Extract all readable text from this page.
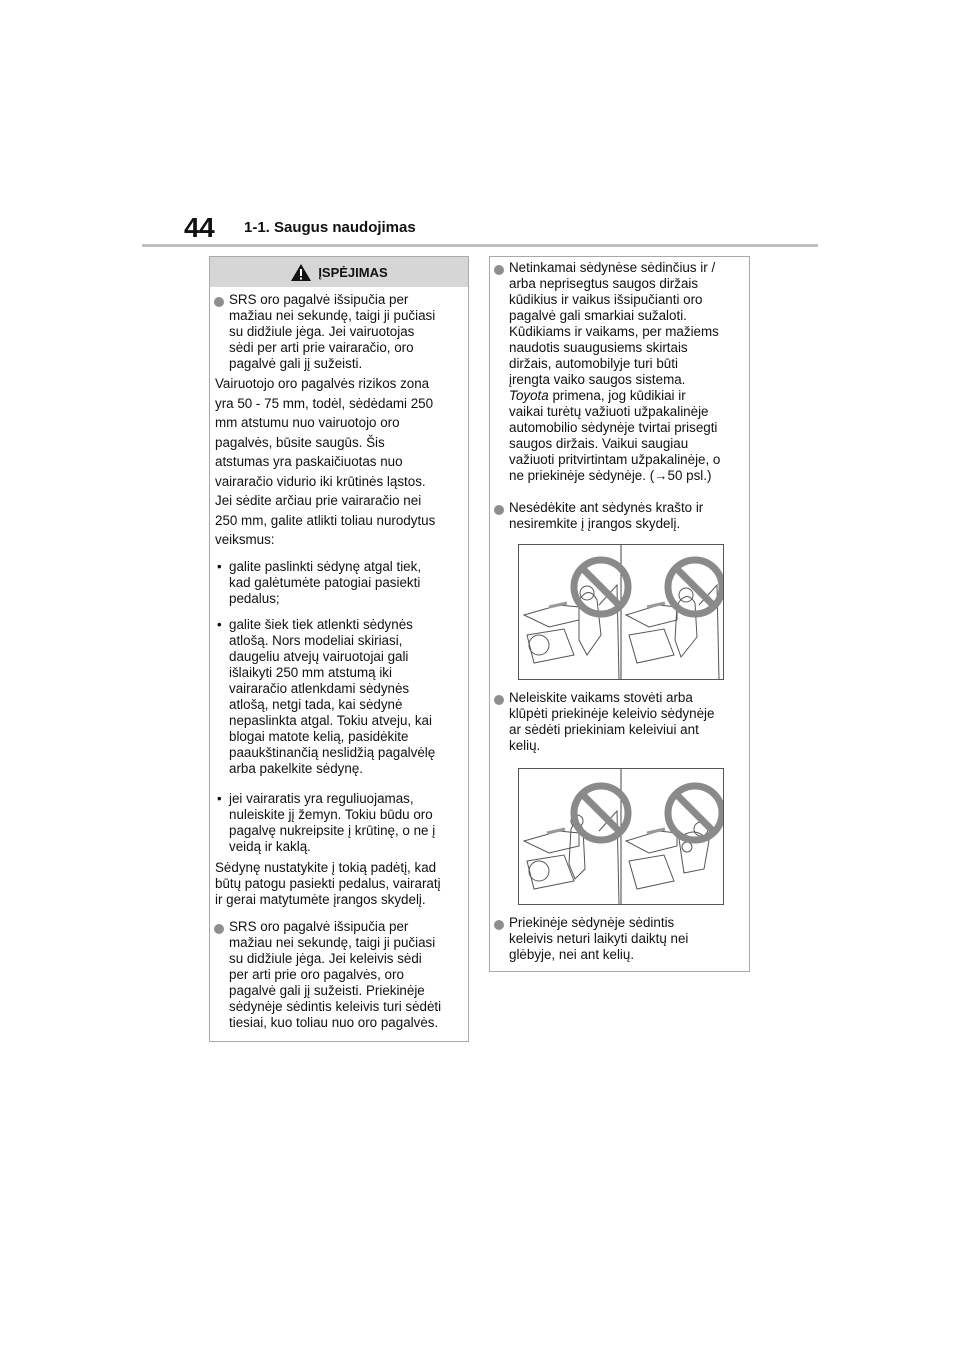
44 1-1. Saugus naudojimas
ĮSPĖJIMAS
SRS oro pagalvė išsipučia per
mažiau nei sekundę, taigi ji pučiasi
su didžiule jėga. Jei vairuotojas
sėdi per arti prie vairaračio, oro
pagalvė gali jį sužeisti.
Vairuotojo oro pagalvės rizikos zona
yra 50 - 75 mm, todėl, sėdėdami 250
mm atstumu nuo vairuotojo oro
pagalvės, būsite saugūs. Šis
atstumas yra paskaičiuotas nuo
vairaračio vidurio iki krūtinės ląstos.
Jei sėdite arčiau prie vairaračio nei
250 mm, galite atlikti toliau nurodytus
veiksmus:
• galite paslinkti sėdynę atgal tiek,
kad galėtumėte patogiai pasiekti
pedalus;
• galite šiek tiek atlenkti sėdynės
atlošą. Nors modeliai skiriasi,
daugeliu atvejų vairuotojai gali
išlaikyti 250 mm atstumą iki
vairaračio atlenkdami sėdynės
atlošą, netgi tada, kai sėdynė
nepaslinkta atgal. Tokiu atveju, kai
blogai matote kelią, pasidėkite
paaukštinančią neslidžią pagalvėlę
arba pakelkite sėdynę.
• jei vairaratis yra reguliuojamas,
nuleiskite jį žemyn. Tokiu būdu oro
pagalvę nukreipsite į krūtinę, o ne į
veidą ir kaklą.
Sėdynę nustatykite į tokią padėtį, kad
būtų patogu pasiekti pedalus, vairaratį
ir gerai matytumėte įrangos skydelį.
SRS oro pagalvė išsipučia per
mažiau nei sekundę, taigi ji pučiasi
su didžiule jėga. Jei keleivis sėdi
per arti prie oro pagalvės, oro
pagalvė gali jį sužeisti. Priekinėje
sėdynėje sėdintis keleivis turi sėdėti
tiesiai, kuo toliau nuo oro pagalvės.
Netinkamai sėdynėse sėdinčius ir /
arba neprisegtus saugos diržais
kūdikius ir vaikus išsipučianti oro
pagalvė gali smarkiai sužaloti.
Kūdikiams ir vaikams, per mažiems
naudotis suaugusiems skirtais
diržais, automobilyje turi būti
įrengta vaiko saugos sistema.
Toyota primena, jog kūdikiai ir
vaikai turėtų važiuoti užpakalinėje
automobilio sėdynėje tvirtai prisegti
saugos diržais. Vaikui saugiau
važiuoti pritvirtintam užpakalinėje, o
ne priekinėje sėdynėje. (→50 psl.)
Nesėdėkite ant sėdynės krašto ir
nesiremkite į įrangos skydelį.
Neleiskite vaikams stovėti arba
klūpėti priekinėje keleivio sėdynėje
ar sėdėti priekiniam keleiviui ant
kelių.
Priekinėje sėdynėje sėdintis
keleivis neturi laikyti daiktų nei
glėbyje, nei ant kelių.
